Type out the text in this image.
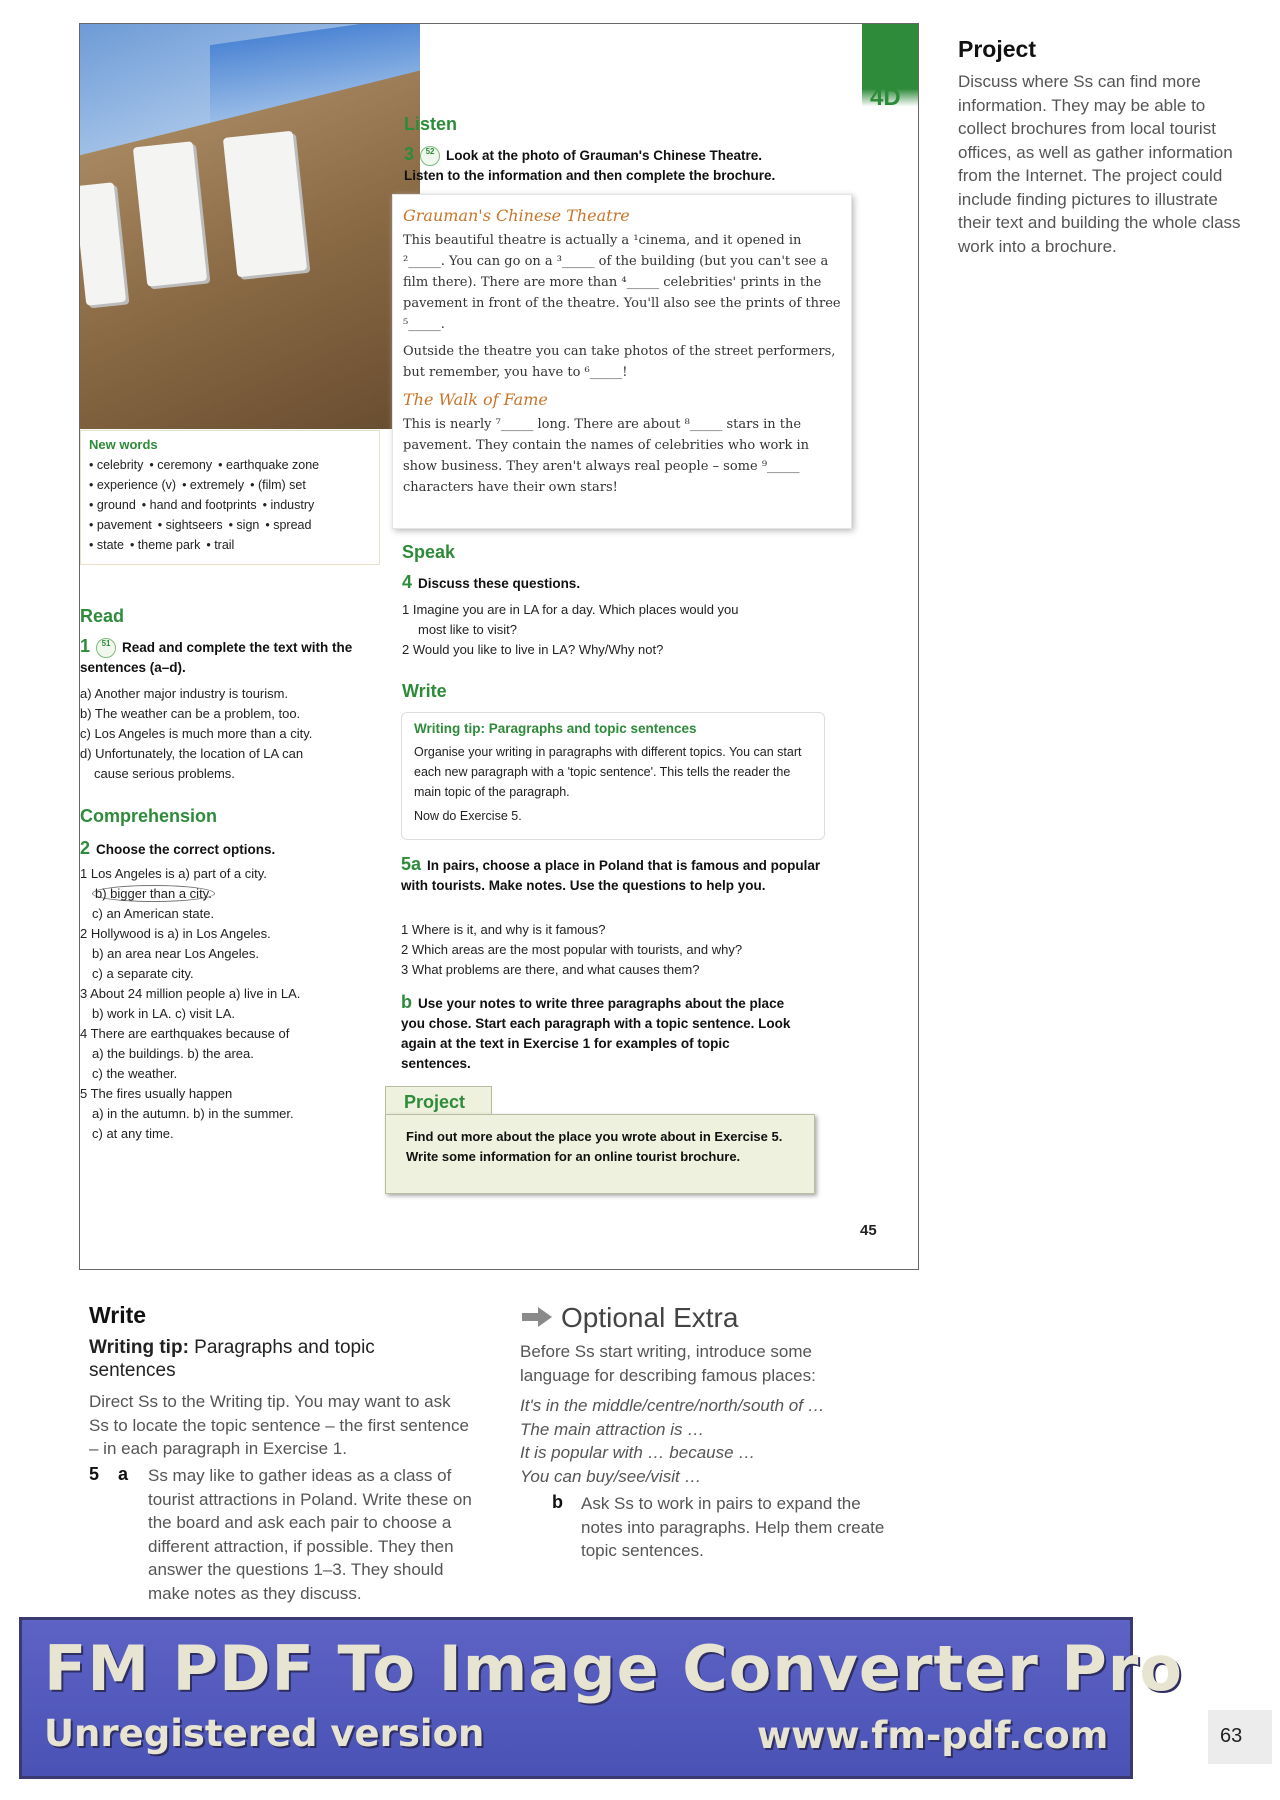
4D
New words
• celebrity • ceremony • earthquake zone
• experience (v) • extremely • (film) set
• ground • hand and footprints • industry
• pavement • sightseers • sign • spread
• state • theme park • trail
Read
1 51 Read and complete the text with the sentences (a–d).
a) Another major industry is tourism.
b) The weather can be a problem, too.
c) Los Angeles is much more than a city.
d) Unfortunately, the location of LA can
cause serious problems.
Comprehension
2 Choose the correct options.
1 Los Angeles is a) part of a city.
b) bigger than a city.
c) an American state.
2 Hollywood is a) in Los Angeles.
b) an area near Los Angeles.
c) a separate city.
3 About 24 million people a) live in LA.
b) work in LA. c) visit LA.
4 There are earthquakes because of
a) the buildings. b) the area.
c) the weather.
5 The fires usually happen
a) in the autumn. b) in the summer.
c) at any time.
Listen
3 52 Look at the photo of Grauman's Chinese Theatre.
Listen to the information and then complete the brochure.
Grauman's Chinese Theatre

This beautiful theatre is actually a ¹cinema, and it opened in ²_____. You can go on a ³_____ of the building (but you can't see a film there). There are more than ⁴_____ celebrities' prints in the pavement in front of the theatre. You'll also see the prints of three ⁵_____.

Outside the theatre you can take photos of the street performers, but remember, you have to ⁶_____!

The Walk of Fame

This is nearly ⁷_____ long. There are about ⁸_____ stars in the pavement. They contain the names of celebrities who work in show business. They aren't always real people – some ⁹_____ characters have their own stars!

Speak
4 Discuss these questions.
1 Imagine you are in LA for a day. Which places would you
most like to visit?
2 Would you like to live in LA? Why/Why not?
Write
Writing tip: Paragraphs and topic sentences
Organise your writing in paragraphs with different topics. You can start each new paragraph with a 'topic sentence'. This tells the reader the main topic of the paragraph.
Now do Exercise 5.
5a In pairs, choose a place in Poland that is famous and popular with tourists. Make notes. Use the questions to help you.
1 Where is it, and why is it famous?
2 Which areas are the most popular with tourists, and why?
3 What problems are there, and what causes them?
b Use your notes to write three paragraphs about the place you chose. Start each paragraph with a topic sentence. Look again at the text in Exercise 1 for examples of topic sentences.
Project
Find out more about the place you wrote about in Exercise 5. Write some information for an online tourist brochure.
45
Project
Discuss where Ss can find more information. They may be able to collect brochures from local tourist offices, as well as gather information from the Internet. The project could include finding pictures to illustrate their text and building the whole class work into a brochure.
Write
Writing tip: Paragraphs and topic sentences
Direct Ss to the Writing tip. You may want to ask Ss to locate the topic sentence – the first sentence – in each paragraph in Exercise 1.
5 a Ss may like to gather ideas as a class of tourist attractions in Poland. Write these on the board and ask each pair to choose a different attraction, if possible. They then answer the questions 1–3. They should make notes as they discuss.
Optional Extra
Before Ss start writing, introduce some language for describing famous places:
It's in the middle/centre/north/south of …
The main attraction is …
It is popular with … because …
You can buy/see/visit …
b Ask Ss to work in pairs to expand the notes into paragraphs. Help them create topic sentences.
FM PDF To Image Converter Pro
Unregistered version	www.fm-pdf.com	63
